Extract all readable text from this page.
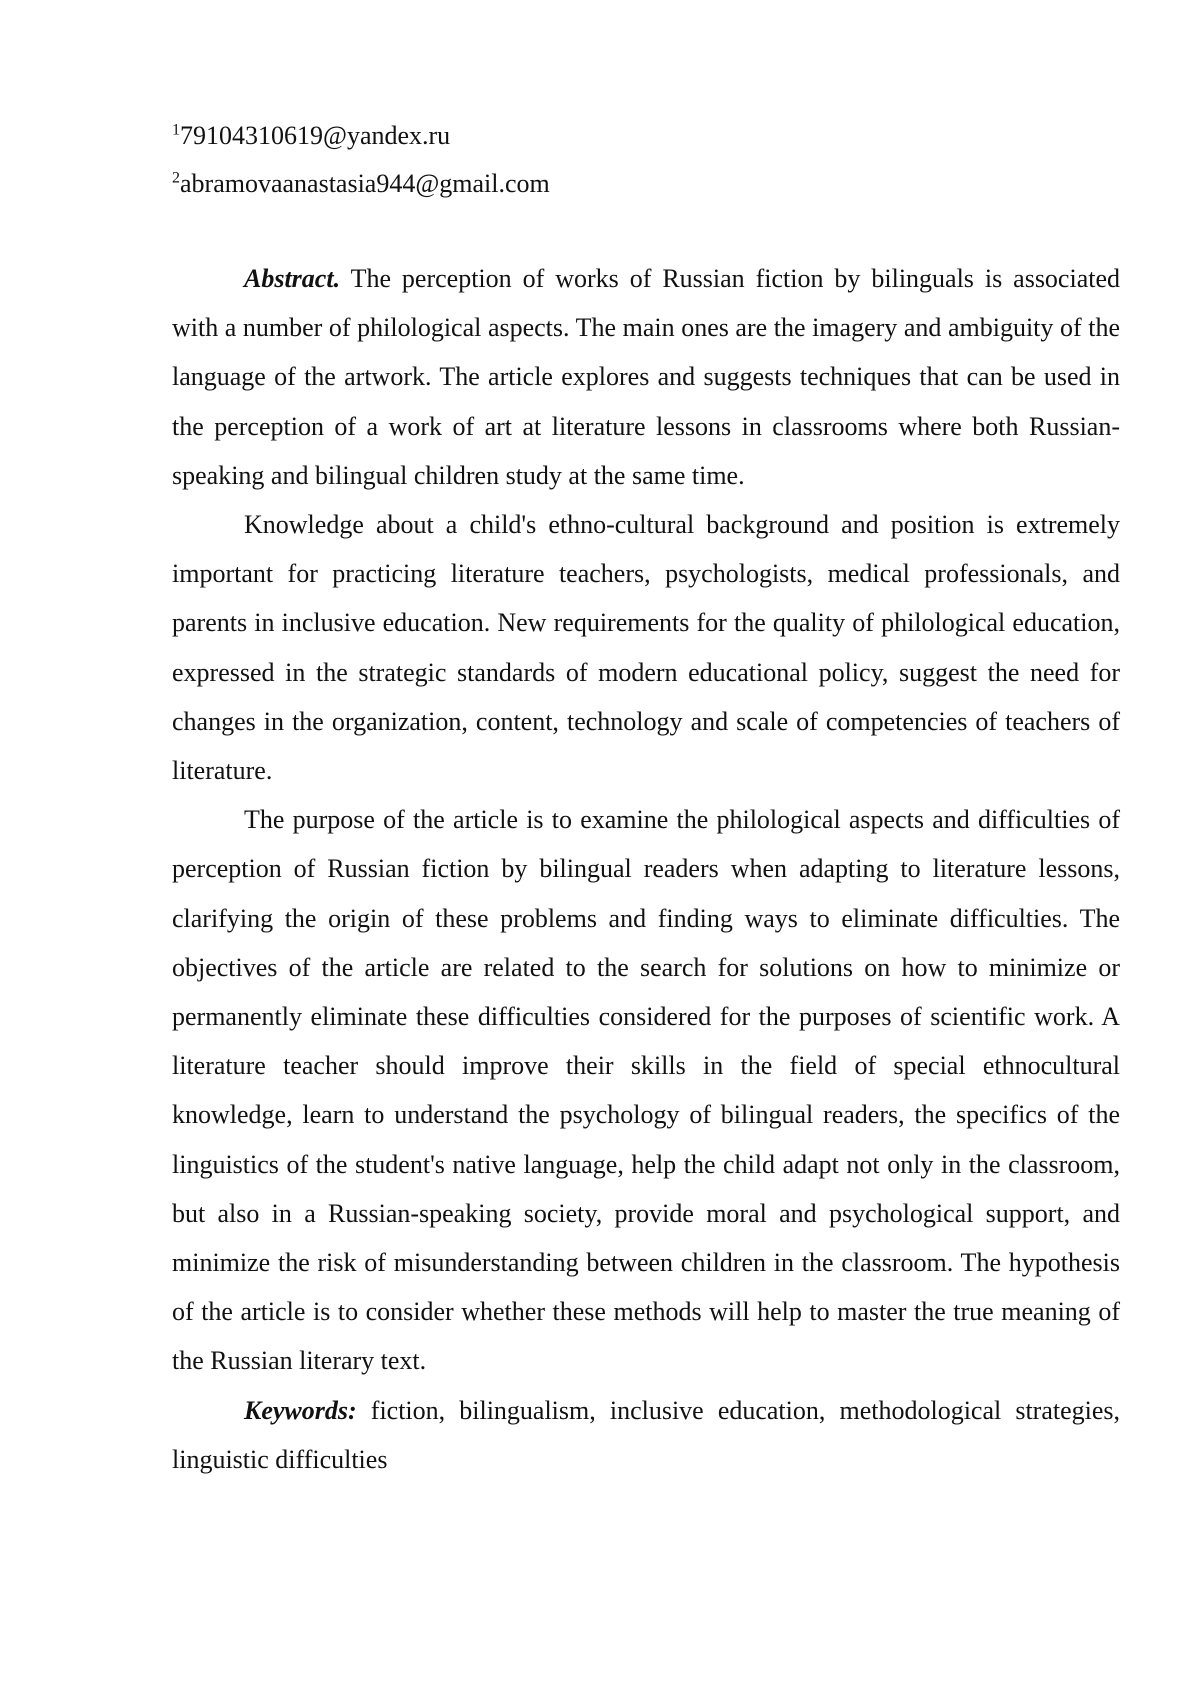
$^1$79104310619@yandex.ru
$^2$abramovaanastasia944@gmail.com

Abstract. The perception of works of Russian fiction by bilinguals is associated with a number of philological aspects. The main ones are the imagery and ambiguity of the language of the artwork. The article explores and suggests techniques that can be used in the perception of a work of art at literature lessons in classrooms where both Russian-speaking and bilingual children study at the same time.

Knowledge about a child's ethno-cultural background and position is extremely important for practicing literature teachers, psychologists, medical professionals, and parents in inclusive education. New requirements for the quality of philological education, expressed in the strategic standards of modern educational policy, suggest the need for changes in the organization, content, technology and scale of competencies of teachers of literature.

The purpose of the article is to examine the philological aspects and difficulties of perception of Russian fiction by bilingual readers when adapting to literature lessons, clarifying the origin of these problems and finding ways to eliminate difficulties. The objectives of the article are related to the search for solutions on how to minimize or permanently eliminate these difficulties considered for the purposes of scientific work. A literature teacher should improve their skills in the field of special ethnocultural knowledge, learn to understand the psychology of bilingual readers, the specifics of the linguistics of the student's native language, help the child adapt not only in the classroom, but also in a Russian-speaking society, provide moral and psychological support, and minimize the risk of misunderstanding between children in the classroom. The hypothesis of the article is to consider whether these methods will help to master the true meaning of the Russian literary text.

Keywords: fiction, bilingualism, inclusive education, methodological strategies, linguistic difficulties
